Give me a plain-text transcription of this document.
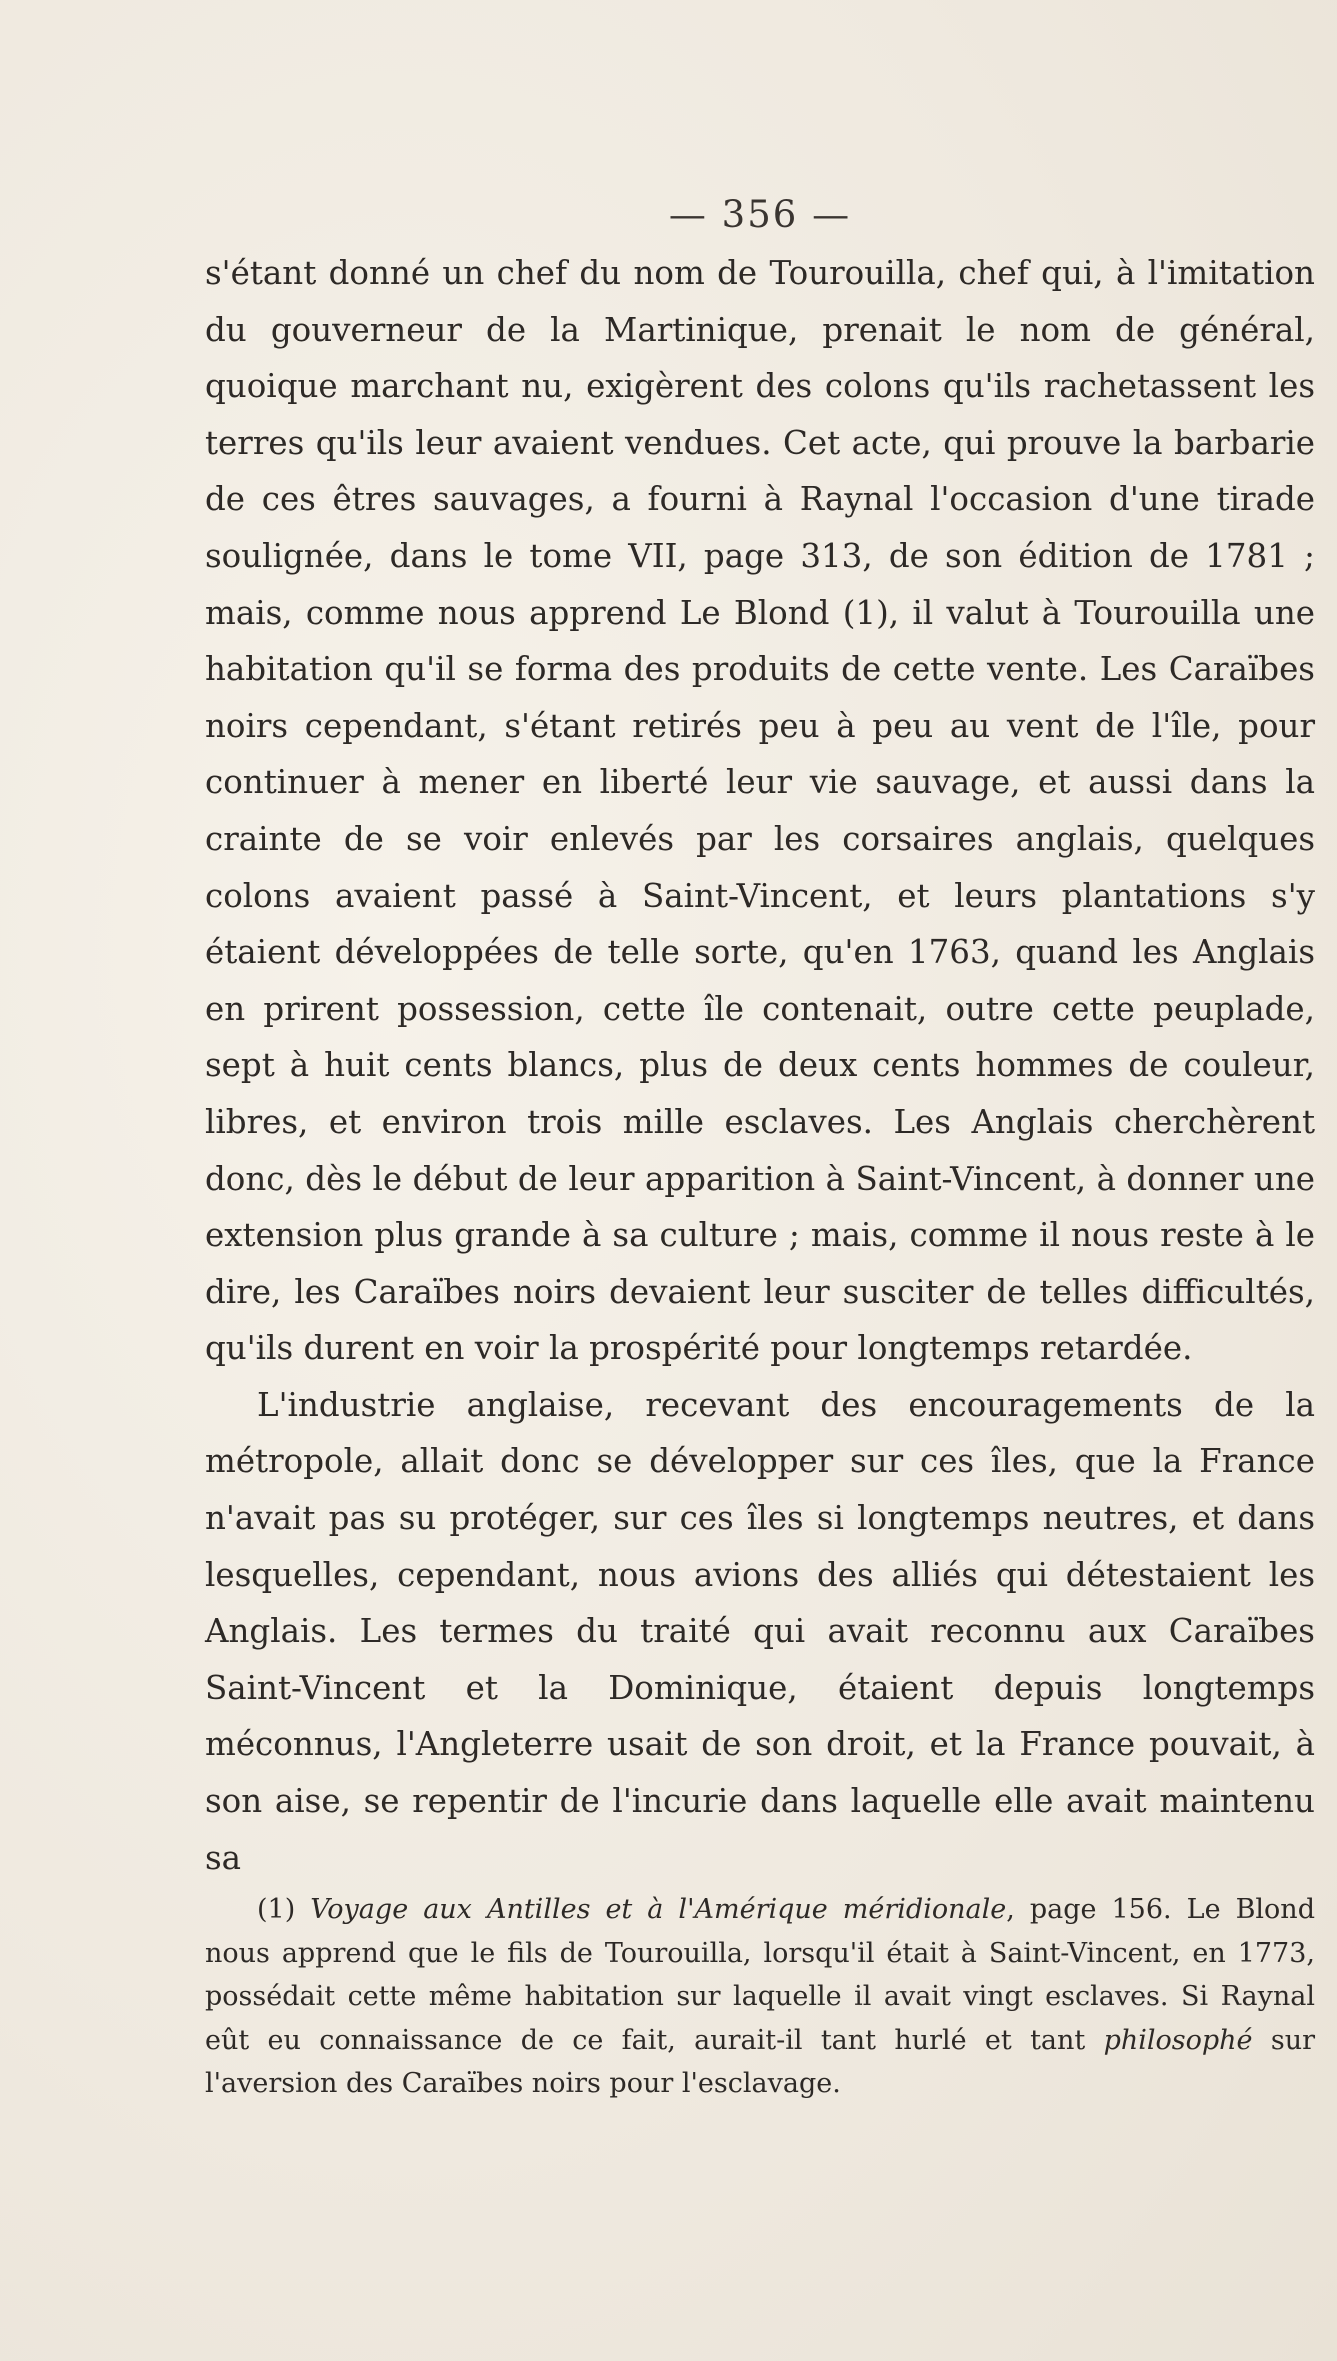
— 356 —

s'étant donné un chef du nom de Tourouilla, chef qui, à l'imitation du gouverneur de la Martinique, prenait le nom de général, quoique marchant nu, exigèrent des colons qu'ils rachetassent les terres qu'ils leur avaient vendues. Cet acte, qui prouve la barbarie de ces êtres sauvages, a fourni à Raynal l'occasion d'une tirade soulignée, dans le tome VII, page 313, de son édition de 1781 ; mais, comme nous apprend Le Blond (1), il valut à Tourouilla une habitation qu'il se forma des produits de cette vente. Les Caraïbes noirs cependant, s'étant retirés peu à peu au vent de l'île, pour continuer à mener en liberté leur vie sauvage, et aussi dans la crainte de se voir enlevés par les corsaires anglais, quelques colons avaient passé à Saint-Vincent, et leurs plantations s'y étaient développées de telle sorte, qu'en 1763, quand les Anglais en prirent possession, cette île contenait, outre cette peuplade, sept à huit cents blancs, plus de deux cents hommes de couleur, libres, et environ trois mille esclaves. Les Anglais cherchèrent donc, dès le début de leur apparition à Saint-Vincent, à donner une extension plus grande à sa culture ; mais, comme il nous reste à le dire, les Caraïbes noirs devaient leur susciter de telles difficultés, qu'ils durent en voir la prospérité pour longtemps retardée.

L'industrie anglaise, recevant des encouragements de la métropole, allait donc se développer sur ces îles, que la France n'avait pas su protéger, sur ces îles si longtemps neutres, et dans lesquelles, cependant, nous avions des alliés qui détestaient les Anglais. Les termes du traité qui avait reconnu aux Caraïbes Saint-Vincent et la Dominique, étaient depuis longtemps méconnus, l'Angleterre usait de son droit, et la France pouvait, à son aise, se repentir de l'incurie dans laquelle elle avait maintenu sa

(1) Voyage aux Antilles et à l'Amérique méridionale, page 156. Le Blond nous apprend que le fils de Tourouilla, lorsqu'il était à Saint-Vincent, en 1773, possédait cette même habitation sur laquelle il avait vingt esclaves. Si Raynal eût eu connaissance de ce fait, aurait-il tant hurlé et tant philosophé sur l'aversion des Caraïbes noirs pour l'esclavage.
